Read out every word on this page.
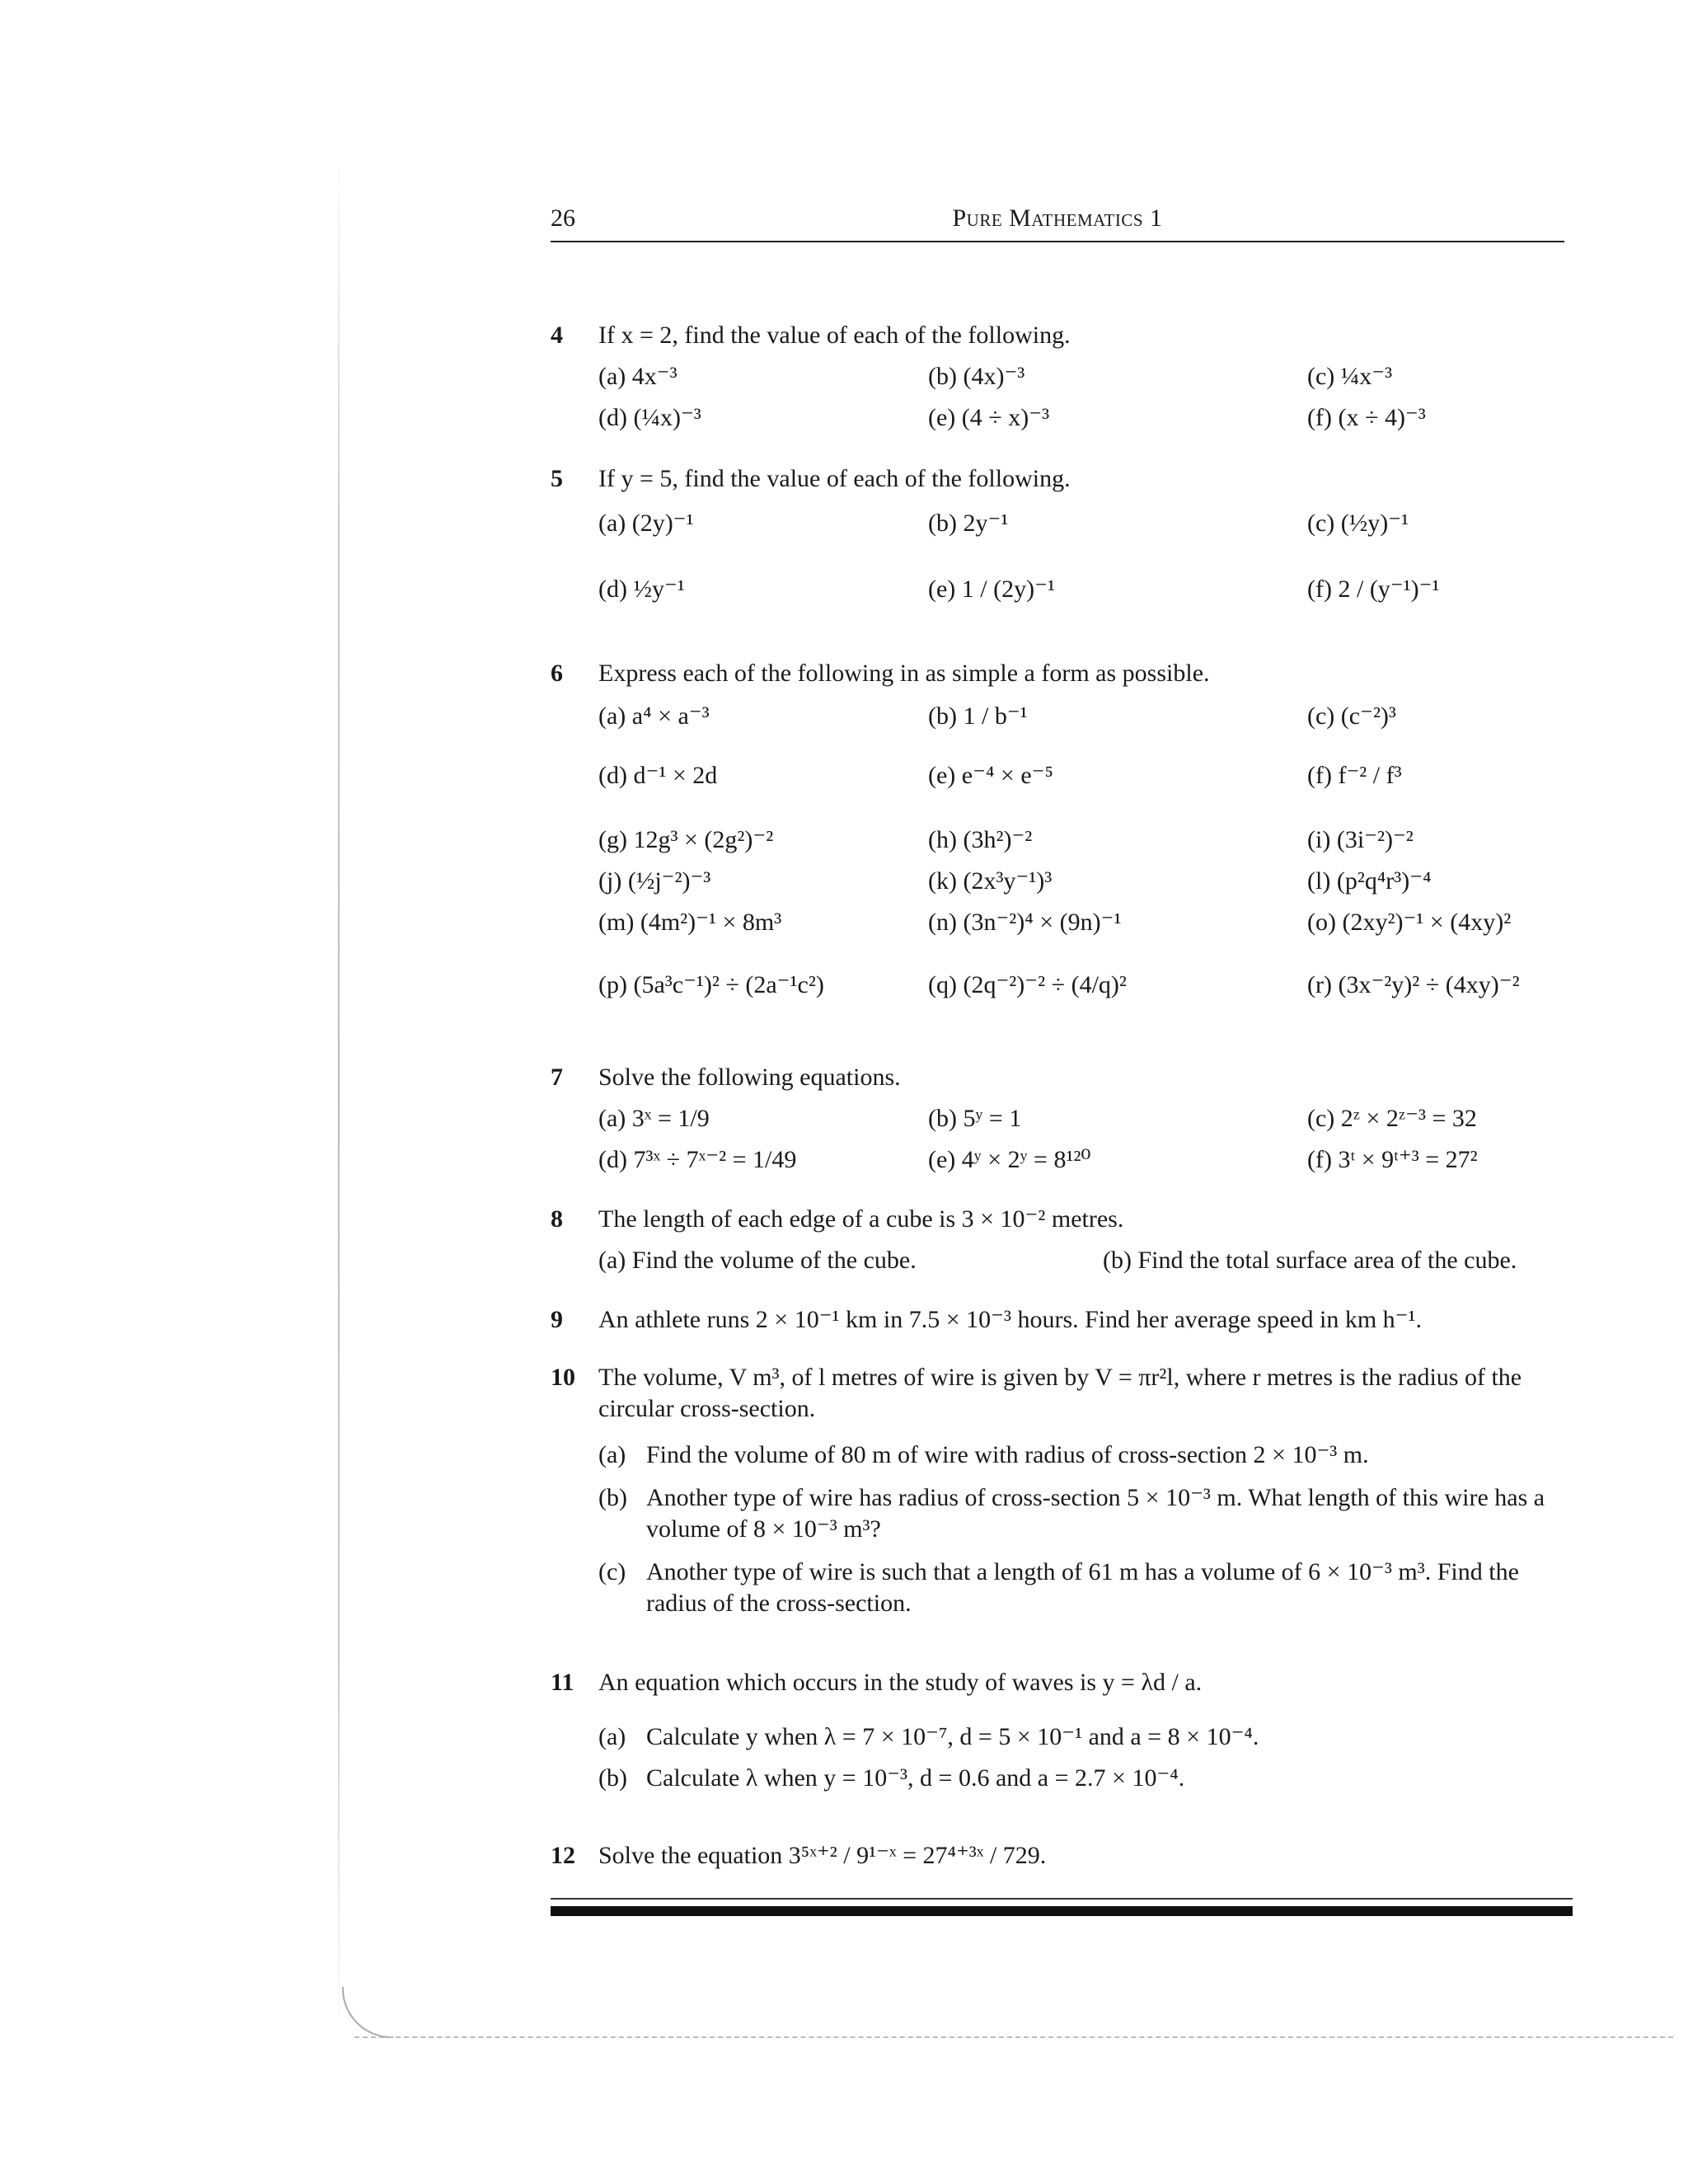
26	Pure Mathematics 1
4 If x = 2, find the value of each of the following.
(a) 4x⁻³	(b) (4x)⁻³	(c) ¼x⁻³
(d) (¼x)⁻³	(e) (4 ÷ x)⁻³	(f) (x ÷ 4)⁻³
5 If y = 5, find the value of each of the following.
(a) (2y)⁻¹	(b) 2y⁻¹	(c) (½y)⁻¹
(d) ½y⁻¹	(e) 1 / (2y)⁻¹	(f) 2 / (y⁻¹)⁻¹
6 Express each of the following in as simple a form as possible.
(a) a⁴ × a⁻³	(b) 1 / b⁻¹	(c) (c⁻²)³
(d) d⁻¹ × 2d	(e) e⁻⁴ × e⁻⁵	(f) f⁻² / f³
(g) 12g³ × (2g²)⁻²	(h) (3h²)⁻²	(i) (3i⁻²)⁻²
(j) (½j⁻²)⁻³	(k) (2x³y⁻¹)³	(l) (p²q⁴r³)⁻⁴
(m) (4m²)⁻¹ × 8m³	(n) (3n⁻²)⁴ × (9n)⁻¹	(o) (2xy²)⁻¹ × (4xy)²
(p) (5a³c⁻¹)² ÷ (2a⁻¹c²)	(q) (2q⁻²)⁻² ÷ (4/q)²	(r) (3x⁻²y)² ÷ (4xy)⁻²
7 Solve the following equations.
(a) 3ˣ = 1/9	(b) 5ʸ = 1	(c) 2ᶻ × 2ᶻ⁻³ = 32
(d) 7³ˣ ÷ 7ˣ⁻² = 1/49	(e) 4ʸ × 2ʸ = 8¹²⁰	(f) 3ᵗ × 9ᵗ⁺³ = 27²
8 The length of each edge of a cube is 3 × 10⁻² metres.
(a) Find the volume of the cube.	(b) Find the total surface area of the cube.
9 An athlete runs 2 × 10⁻¹ km in 7.5 × 10⁻³ hours. Find her average speed in km h⁻¹.
10 The volume, V m³, of l metres of wire is given by V = πr²l, where r metres is the radius of the circular cross-section.
(a) Find the volume of 80 m of wire with radius of cross-section 2 × 10⁻³ m.
(b) Another type of wire has radius of cross-section 5 × 10⁻³ m. What length of this wire has a volume of 8 × 10⁻³ m³?
(c) Another type of wire is such that a length of 61 m has a volume of 6 × 10⁻³ m³. Find the radius of the cross-section.
11 An equation which occurs in the study of waves is y = λd / a.
(a) Calculate y when λ = 7 × 10⁻⁷, d = 5 × 10⁻¹ and a = 8 × 10⁻⁴.
(b) Calculate λ when y = 10⁻³, d = 0.6 and a = 2.7 × 10⁻⁴.
12 Solve the equation 3⁵ˣ⁺² / 9¹⁻ˣ = 27⁴⁺³ˣ / 729.
